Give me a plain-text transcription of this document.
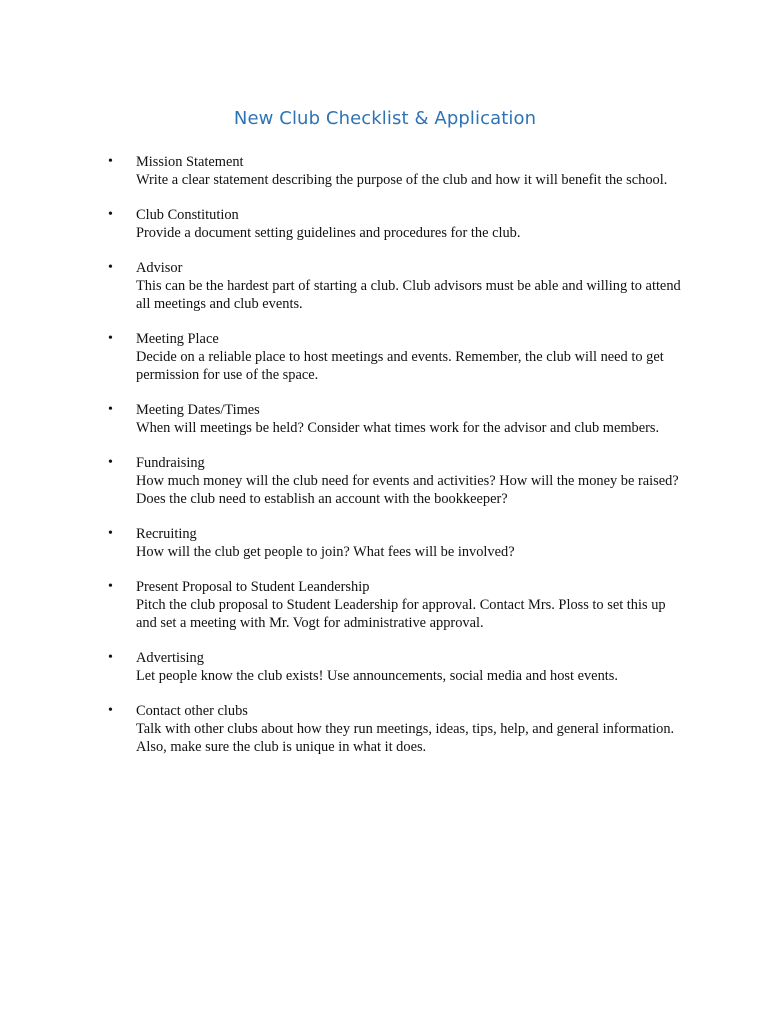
New Club Checklist & Application
• Mission Statement
Write a clear statement describing the purpose of the club and how it will benefit the school.
• Club Constitution
Provide a document setting guidelines and procedures for the club.
• Advisor
This can be the hardest part of starting a club. Club advisors must be able and willing to attend all meetings and club events.
• Meeting Place
Decide on a reliable place to host meetings and events. Remember, the club will need to get permission for use of the space.
• Meeting Dates/Times
When will meetings be held? Consider what times work for the advisor and club members.
• Fundraising
How much money will the club need for events and activities? How will the money be raised? Does the club need to establish an account with the bookkeeper?
• Recruiting
How will the club get people to join? What fees will be involved?
• Present Proposal to Student Leandership
Pitch the club proposal to Student Leadership for approval. Contact Mrs. Ploss to set this up and set a meeting with Mr. Vogt for administrative approval.
• Advertising
Let people know the club exists! Use announcements, social media and host events.
• Contact other clubs
Talk with other clubs about how they run meetings, ideas, tips, help, and general information. Also, make sure the club is unique in what it does.
